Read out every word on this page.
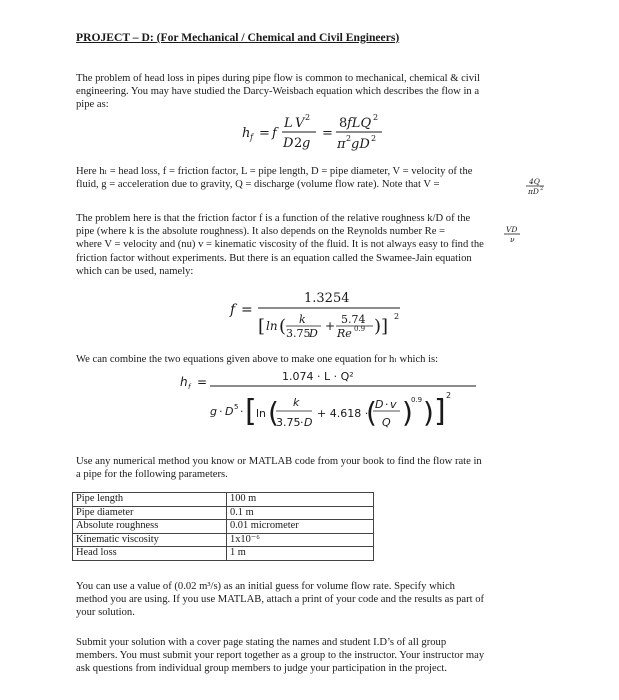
PROJECT – D: (For Mechanical / Chemical and Civil Engineers)
The problem of head loss in pipes during pipe flow is common to mechanical, chemical & civil
engineering. You may have studied the Darcy-Weisbach equation which describes the flow in a
pipe as:
h f = f
L V 2
D 2 g
=
8 fLQ 2
π 2 gD 2
Here hₗ = head loss, f = friction factor, L = pipe length, D = pipe diameter, V = velocity of the
fluid, g = acceleration due to gravity, Q = discharge (volume flow rate). Note that V =	4Q
πD 2
The problem here is that the friction factor f is a function of the relative roughness k/D of the
pipe (where k is the absolute roughness). It also depends on the Reynolds number Re =
where V = velocity and (nu) v = kinematic viscosity of the fluid. It is not always easy to find the
friction factor without experiments. But there is an equation called the Swamee-Jain equation
which can be used, namely:
VD
ν
f =
1.3254
[ ln ( k
3.75
D
+ 5.74
Re 0.9 )] 2
We can combine the two equations given above to make one equation for hₗ which is:
h f =	1.074 · L · Q²
g · D 5 · [ ln ( k
3.75 · D
+ 4.618 ·
(
D · v
Q )
0.9 ) ] 2
Use any numerical method you know or MATLAB code from your book to find the flow rate in
a pipe for the following parameters.
Pipe length	100 m
Pipe diameter	0.1 m
Absolute roughness	0.01 micrometer
Kinematic viscosity	1x10⁻⁶
Head loss	1 m
You can use a value of (0.02 m³/s) as an initial guess for volume flow rate. Specify which
method you are using. If you use MATLAB, attach a print of your code and the results as part of
your solution.
Submit your solution with a cover page stating the names and student I.D’s of all group
members. You must submit your report together as a group to the instructor. Your instructor may
ask questions from individual group members to judge your participation in the project.
